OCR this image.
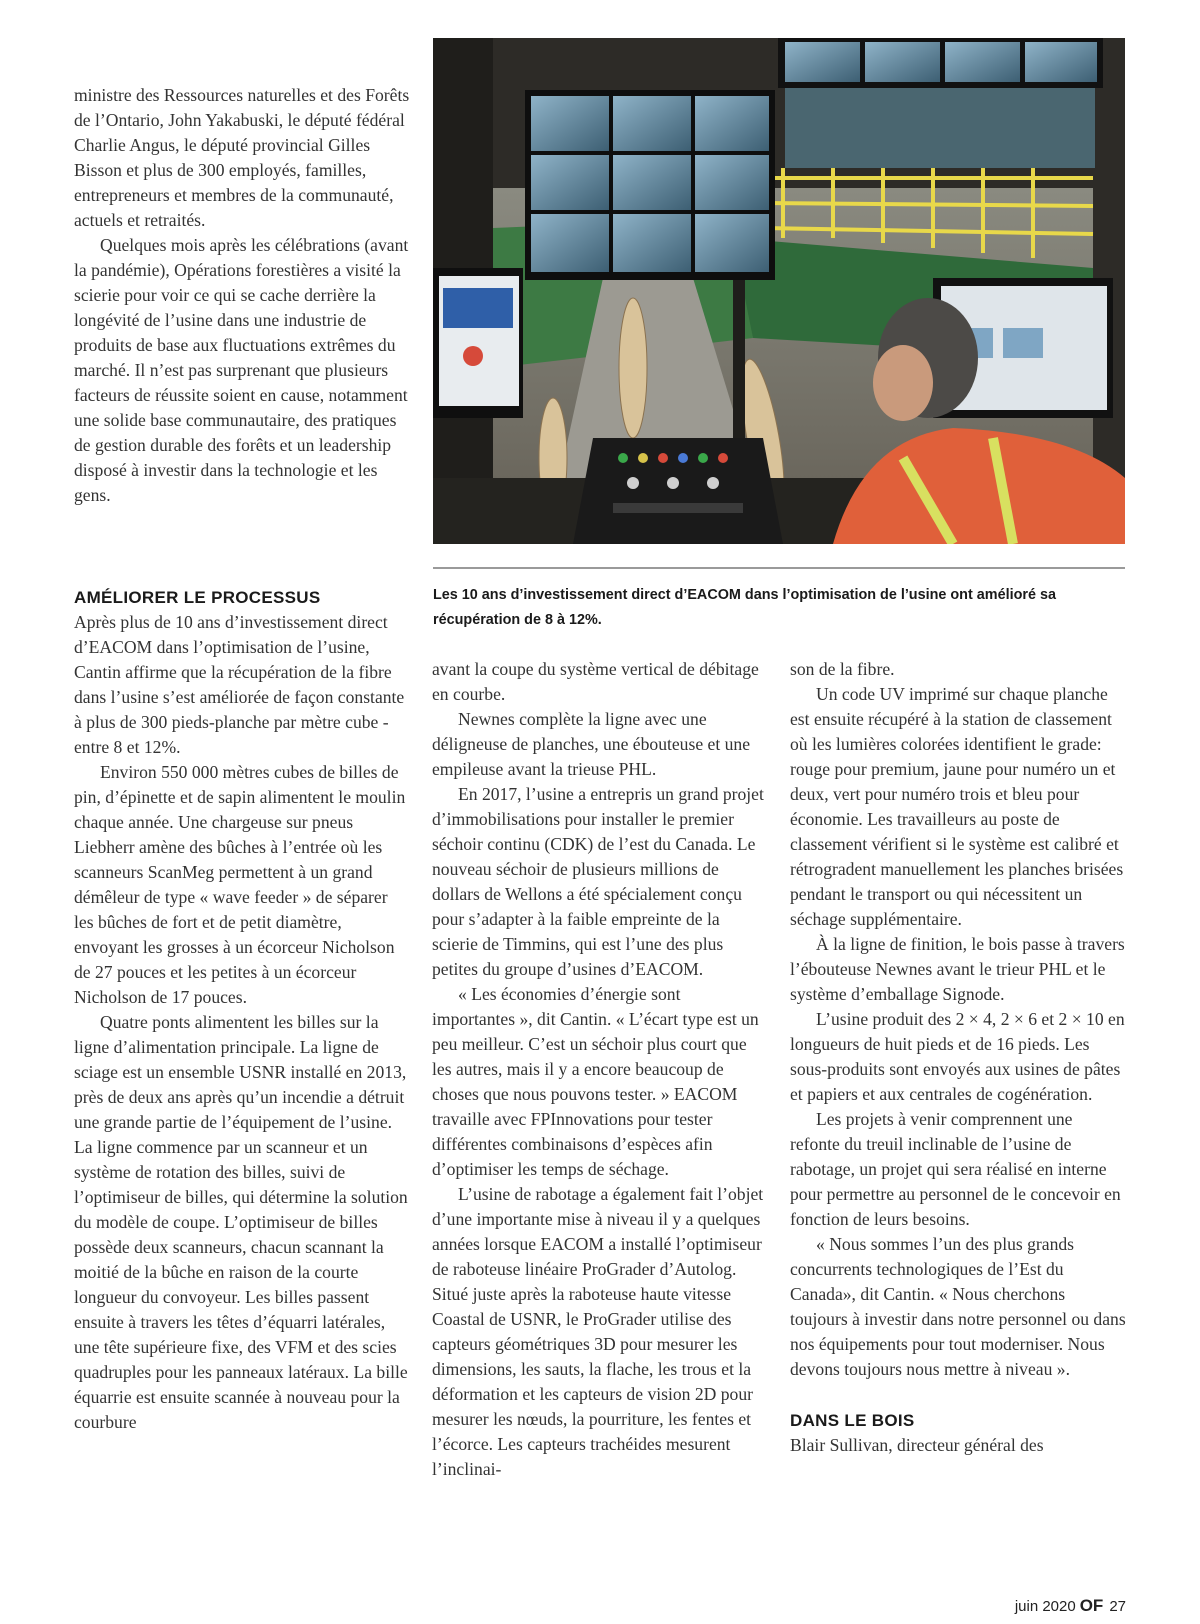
ministre des Ressources naturelles et des Forêts de l’Ontario, John Yakabuski, le député fédéral Charlie Angus, le député provincial Gilles Bisson et plus de 300 employés, familles, entrepreneurs et membres de la communauté, actuels et retraités.

Quelques mois après les célébrations (avant la pandémie), Opérations forestières a visité la scierie pour voir ce qui se cache derrière la longévité de l’usine dans une industrie de produits de base aux fluctuations extrêmes du marché. Il n’est pas surprenant que plusieurs facteurs de réussite soient en cause, notamment une solide base communautaire, des pratiques de gestion durable des forêts et un leadership disposé à investir dans la technologie et les gens.

AMÉLIORER LE PROCESSUS

Après plus de 10 ans d’investissement direct d’EACOM dans l’optimisation de l’usine, Cantin affirme que la récupération de la fibre dans l’usine s’est améliorée de façon constante à plus de 300 pieds-planche par mètre cube - entre 8 et 12%.

Environ 550 000 mètres cubes de billes de pin, d’épinette et de sapin alimentent le moulin chaque année. Une chargeuse sur pneus Liebherr amène des bûches à l’entrée où les scanneurs ScanMeg permettent à un grand démêleur de type « wave feeder » de séparer les bûches de fort et de petit diamètre, envoyant les grosses à un écorceur Nicholson de 27 pouces et les petites à un écorceur Nicholson de 17 pouces.

Quatre ponts alimentent les billes sur la ligne d’alimentation principale. La ligne de sciage est un ensemble USNR installé en 2013, près de deux ans après qu’un incendie a détruit une grande partie de l’équipement de l’usine. La ligne commence par un scanneur et un système de rotation des billes, suivi de l’optimiseur de billes, qui détermine la solution du modèle de coupe. L’optimiseur de billes possède deux scanneurs, chacun scannant la moitié de la bûche en raison de la courte longueur du convoyeur. Les billes passent ensuite à travers les têtes d’équarri latérales, une tête supérieure fixe, des VFM et des scies quadruples pour les panneaux latéraux. La bille équarrie est ensuite scannée à nouveau pour la courbure

Les 10 ans d’investissement direct d’EACOM dans l’optimisation de l’usine ont amélioré sa récupération de 8 à 12%.

avant la coupe du système vertical de débitage en courbe.

Newnes complète la ligne avec une délignеuse de planches, une ébouteuse et une empileuse avant la trieuse PHL.

En 2017, l’usine a entrepris un grand projet d’immobilisations pour installer le premier séchoir continu (CDK) de l’est du Canada. Le nouveau séchoir de plusieurs millions de dollars de Wellons a été spécialement conçu pour s’adapter à la faible empreinte de la scierie de Timmins, qui est l’une des plus petites du groupe d’usines d’EACOM.

« Les économies d’énergie sont importantes », dit Cantin. « L’écart type est un peu meilleur. C’est un séchoir plus court que les autres, mais il y a encore beaucoup de choses que nous pouvons tester. » EACOM travaille avec FPInnovations pour tester différentes combinaisons d’espèces afin d’optimiser les temps de séchage.

L’usine de rabotage a également fait l’objet d’une importante mise à niveau il y a quelques années lorsque EACOM a installé l’optimiseur de raboteuse linéaire ProGrader d’Autolog. Situé juste après la raboteuse haute vitesse Coastal de USNR, le ProGrader utilise des capteurs géométriques 3D pour mesurer les dimensions, les sauts, la flache, les trous et la déformation et les capteurs de vision 2D pour mesurer les nœuds, la pourriture, les fentes et l’écorce. Les capteurs trachéides mesurent l’inclinai-

son de la fibre.

Un code UV imprimé sur chaque planche est ensuite récupéré à la station de classement où les lumières colorées identifient le grade: rouge pour premium, jaune pour numéro un et deux, vert pour numéro trois et bleu pour économie. Les travailleurs au poste de classement vérifient si le système est calibré et rétrogradent manuellement les planches brisées pendant le transport ou qui nécessitent un séchage supplémentaire.

À la ligne de finition, le bois passe à travers l’ébouteuse Newnes avant le trieur PHL et le système d’emballage Signode.

L’usine produit des 2 × 4, 2 × 6 et 2 × 10 en longueurs de huit pieds et de 16 pieds. Les sous-produits sont envoyés aux usines de pâtes et papiers et aux centrales de cogénération.

Les projets à venir comprennent une refonte du treuil inclinable de l’usine de rabotage, un projet qui sera réalisé en interne pour permettre au personnel de le concevoir en fonction de leurs besoins.

« Nous sommes l’un des plus grands concurrents technologiques de l’Est du Canada», dit Cantin. « Nous cherchons toujours à investir dans notre personnel ou dans nos équipements pour tout moderniser. Nous devons toujours nous mettre à niveau ».

DANS LE BOIS

Blair Sullivan, directeur général des

juin 2020 OF 27
